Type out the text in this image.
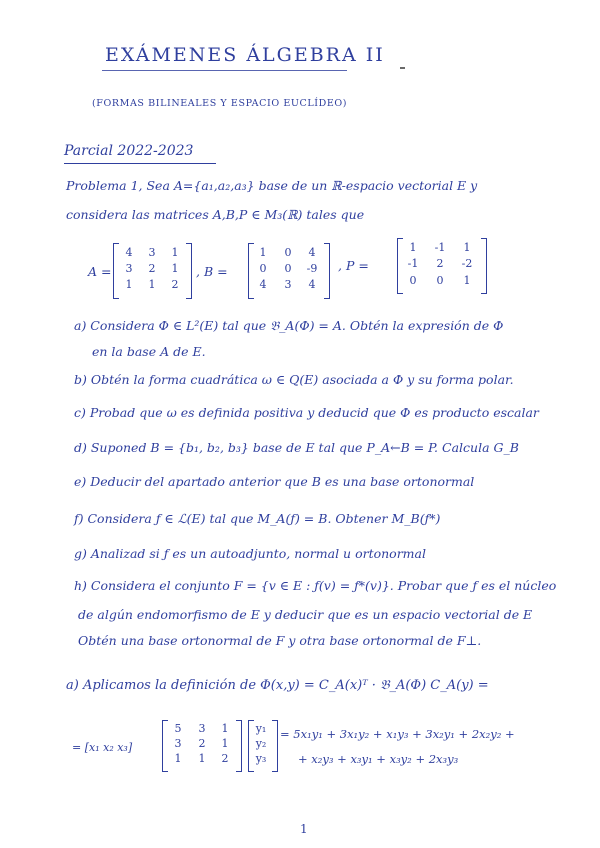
EXÁMENES ÁLGEBRA II
(FORMAS BILINEALES Y ESPACIO EUCLÍDEO)
Parcial 2022-2023
Problema 1, Sea A={a₁,a₂,a₃} base de un ℝ-espacio vectorial E y
considera las matrices A,B,P ∈ M₃(ℝ) tales que
A =
4	3	1
3	2	1
1	1	2
, B =
1	0	4
0	0	-9
4	3	4
, P =
1	-1	1
-1	2	-2
0	0	1
a) Considera Φ ∈ L²(E) tal que 𝔅_A(Φ) = A. Obtén la expresión de Φ
en la base A de E.
b) Obtén la forma cuadrática ω ∈ Q(E) asociada a Φ y su forma polar.
c) Probad que ω es definida positiva y deducid que Φ es producto escalar
d) Suponed B = {b₁, b₂, b₃} base de E tal que P_A←B = P. Calcula G_B
e) Deducir del apartado anterior que B es una base ortonormal
f) Considera ƒ ∈ ℒ(E) tal que M_A(ƒ) = B. Obtener M_B(ƒ*)
g) Analizad si ƒ es un autoadjunto, normal u ortonormal
h) Considera el conjunto F = {v ∈ E : ƒ(v) = ƒ*(v)}. Probar que ƒ es el núcleo
de algún endomorfismo de E y deducir que es un espacio vectorial de E
Obtén una base ortonormal de F y otra base ortonormal de F⊥.
a) Aplicamos la definición de Φ(x,y) = C_A(x)ᵀ · 𝔅_A(Φ) C_A(y) =
= [x₁ x₂ x₃]
5	3	1
3	2	1
1	1	2
y₁
y₂
y₃
= 5x₁y₁ + 3x₁y₂ + x₁y₃ + 3x₂y₁ + 2x₂y₂ +
+ x₂y₃ + x₃y₁ + x₃y₂ + 2x₃y₃
1
